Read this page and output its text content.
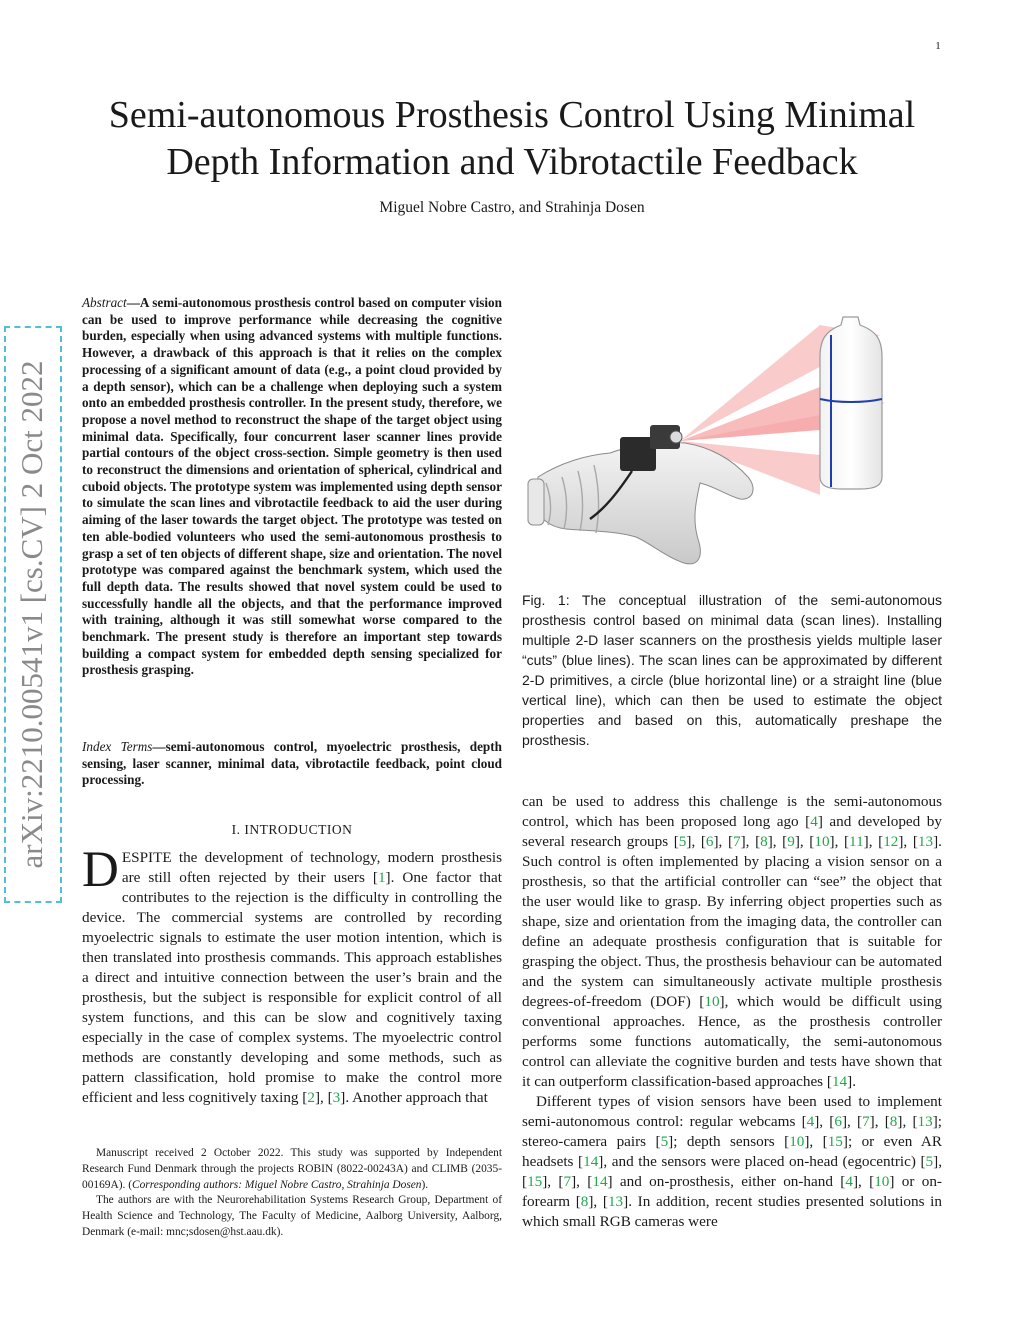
1
Semi-autonomous Prosthesis Control Using Minimal
Depth Information and Vibrotactile Feedback
Miguel Nobre Castro, and Strahinja Dosen
arXiv:2210.00541v1 [cs.CV] 2 Oct 2022
Abstract—A semi-autonomous prosthesis control based on computer vision can be used to improve performance while decreasing the cognitive burden, especially when using advanced systems with multiple functions. However, a drawback of this approach is that it relies on the complex processing of a significant amount of data (e.g., a point cloud provided by a depth sensor), which can be a challenge when deploying such a system onto an embedded prosthesis controller. In the present study, therefore, we propose a novel method to reconstruct the shape of the target object using minimal data. Specifically, four concurrent laser scanner lines provide partial contours of the object cross-section. Simple geometry is then used to reconstruct the dimensions and orientation of spherical, cylindrical and cuboid objects. The prototype system was implemented using depth sensor to simulate the scan lines and vibrotactile feedback to aid the user during aiming of the laser towards the target object. The prototype was tested on ten able-bodied volunteers who used the semi-autonomous prosthesis to grasp a set of ten objects of different shape, size and orientation. The novel prototype was compared against the benchmark system, which used the full depth data. The results showed that novel system could be used to successfully handle all the objects, and that the performance improved with training, although it was still somewhat worse compared to the benchmark. The present study is therefore an important step towards building a compact system for embedded depth sensing specialized for prosthesis grasping.
Index Terms—semi-autonomous control, myoelectric prosthesis, depth sensing, laser scanner, minimal data, vibrotactile feedback, point cloud processing.
I. INTRODUCTION
DESPITE the development of technology, modern prosthesis are still often rejected by their users [1]. One factor that contributes to the rejection is the difficulty in controlling the device. The commercial systems are controlled by recording myoelectric signals to estimate the user motion intention, which is then translated into prosthesis commands. This approach establishes a direct and intuitive connection between the user’s brain and the prosthesis, but the subject is responsible for explicit control of all system functions, and this can be slow and cognitively taxing especially in the case of complex systems. The myoelectric control methods are constantly developing and some methods, such as pattern classification, hold promise to make the control more efficient and less cognitively taxing [2], [3]. Another approach that

Manuscript received 2 October 2022. This study was supported by Independent Research Fund Denmark through the projects ROBIN (8022-00243A) and CLIMB (2035-00169A). (Corresponding authors: Miguel Nobre Castro, Strahinja Dosen).

The authors are with the Neurorehabilitation Systems Research Group, Department of Health Science and Technology, The Faculty of Medicine, Aalborg University, Aalborg, Denmark (e-mail: mnc;sdosen@hst.aau.dk).

Fig. 1: The conceptual illustration of the semi-autonomous prosthesis control based on minimal data (scan lines). Installing multiple 2-D laser scanners on the prosthesis yields multiple laser “cuts” (blue lines). The scan lines can be approximated by different 2-D primitives, a circle (blue horizontal line) or a straight line (blue vertical line), which can then be used to estimate the object properties and based on this, automatically preshape the prosthesis.

can be used to address this challenge is the semi-autonomous control, which has been proposed long ago [4] and developed by several research groups [5], [6], [7], [8], [9], [10], [11], [12], [13]. Such control is often implemented by placing a vision sensor on a prosthesis, so that the artificial controller can “see” the object that the user would like to grasp. By inferring object properties such as shape, size and orientation from the imaging data, the controller can define an adequate prosthesis configuration that is suitable for grasping the object. Thus, the prosthesis behaviour can be automated and the system can simultaneously activate multiple prosthesis degrees-of-freedom (DOF) [10], which would be difficult using conventional approaches. Hence, as the prosthesis controller performs some functions automatically, the semi-autonomous control can alleviate the cognitive burden and tests have shown that it can outperform classification-based approaches [14].

Different types of vision sensors have been used to implement semi-autonomous control: regular webcams [4], [6], [7], [8], [13]; stereo-camera pairs [5]; depth sensors [10], [15]; or even AR headsets [14], and the sensors were placed on-head (egocentric) [5], [15], [7], [14] and on-prosthesis, either on-hand [4], [10] or on-forearm [8], [13]. In addition, recent studies presented solutions in which small RGB cameras were
